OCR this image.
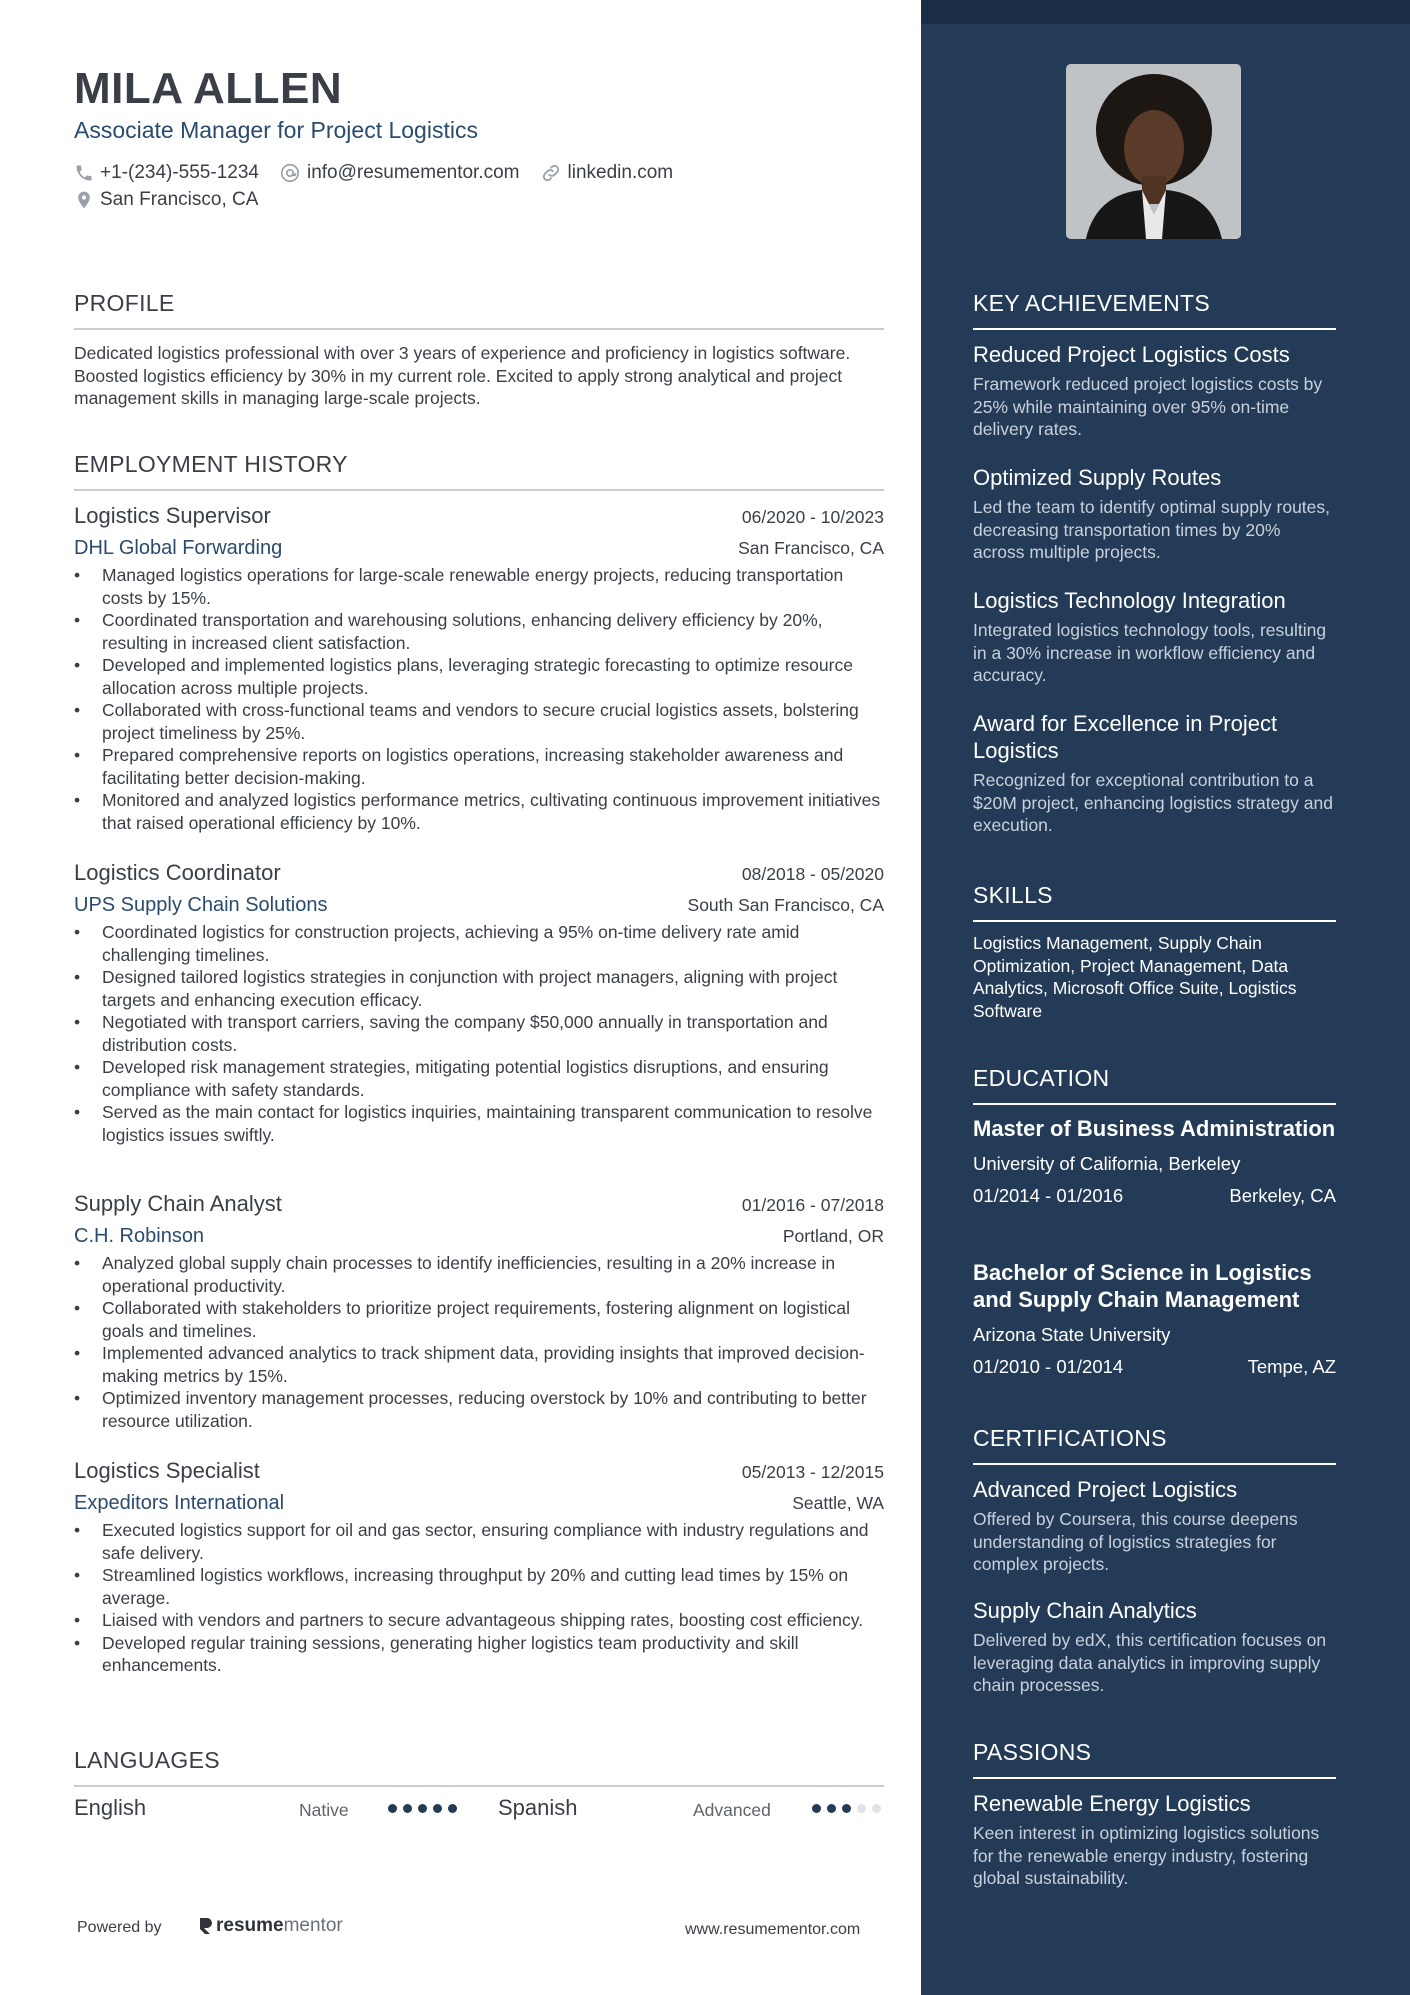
MILA ALLEN
Associate Manager for Project Logistics
+1-(234)-555-1234	info@resumementor.com	linkedin.com
San Francisco, CA
PROFILE
Dedicated logistics professional with over 3 years of experience and proficiency in logistics software. Boosted logistics efficiency by 30% in my current role. Excited to apply strong analytical and project management skills in managing large-scale projects.
EMPLOYMENT HISTORY
Logistics Supervisor	06/2020 - 10/2023
DHL Global Forwarding	San Francisco, CA
• Managed logistics operations for large-scale renewable energy projects, reducing transportation costs by 15%.
• Coordinated transportation and warehousing solutions, enhancing delivery efficiency by 20%, resulting in increased client satisfaction.
• Developed and implemented logistics plans, leveraging strategic forecasting to optimize resource allocation across multiple projects.
• Collaborated with cross-functional teams and vendors to secure crucial logistics assets, bolstering project timeliness by 25%.
• Prepared comprehensive reports on logistics operations, increasing stakeholder awareness and facilitating better decision-making.
• Monitored and analyzed logistics performance metrics, cultivating continuous improvement initiatives that raised operational efficiency by 10%.
Logistics Coordinator	08/2018 - 05/2020
UPS Supply Chain Solutions	South San Francisco, CA
• Coordinated logistics for construction projects, achieving a 95% on-time delivery rate amid challenging timelines.
• Designed tailored logistics strategies in conjunction with project managers, aligning with project targets and enhancing execution efficacy.
• Negotiated with transport carriers, saving the company $50,000 annually in transportation and distribution costs.
• Developed risk management strategies, mitigating potential logistics disruptions, and ensuring compliance with safety standards.
• Served as the main contact for logistics inquiries, maintaining transparent communication to resolve logistics issues swiftly.
Supply Chain Analyst	01/2016 - 07/2018
C.H. Robinson	Portland, OR
• Analyzed global supply chain processes to identify inefficiencies, resulting in a 20% increase in operational productivity.
• Collaborated with stakeholders to prioritize project requirements, fostering alignment on logistical goals and timelines.
• Implemented advanced analytics to track shipment data, providing insights that improved decision-making metrics by 15%.
• Optimized inventory management processes, reducing overstock by 10% and contributing to better resource utilization.
Logistics Specialist	05/2013 - 12/2015
Expeditors International	Seattle, WA
• Executed logistics support for oil and gas sector, ensuring compliance with industry regulations and safe delivery.
• Streamlined logistics workflows, increasing throughput by 20% and cutting lead times by 15% on average.
• Liaised with vendors and partners to secure advantageous shipping rates, boosting cost efficiency.
• Developed regular training sessions, generating higher logistics team productivity and skill enhancements.
LANGUAGES
English	Native	Spanish	Advanced
Powered by	resume mentor	www.resumementor.com
KEY ACHIEVEMENTS
Reduced Project Logistics Costs
Framework reduced project logistics costs by 25% while maintaining over 95% on-time delivery rates.
Optimized Supply Routes
Led the team to identify optimal supply routes, decreasing transportation times by 20% across multiple projects.
Logistics Technology Integration
Integrated logistics technology tools, resulting in a 30% increase in workflow efficiency and accuracy.
Award for Excellence in Project Logistics
Recognized for exceptional contribution to a $20M project, enhancing logistics strategy and execution.
SKILLS
Logistics Management, Supply Chain Optimization, Project Management, Data Analytics, Microsoft Office Suite, Logistics Software
EDUCATION
Master of Business Administration
University of California, Berkeley
01/2014 - 01/2016	Berkeley, CA
Bachelor of Science in Logistics and Supply Chain Management
Arizona State University
01/2010 - 01/2014	Tempe, AZ
CERTIFICATIONS
Advanced Project Logistics
Offered by Coursera, this course deepens understanding of logistics strategies for complex projects.
Supply Chain Analytics
Delivered by edX, this certification focuses on leveraging data analytics in improving supply chain processes.
PASSIONS
Renewable Energy Logistics
Keen interest in optimizing logistics solutions for the renewable energy industry, fostering global sustainability.
